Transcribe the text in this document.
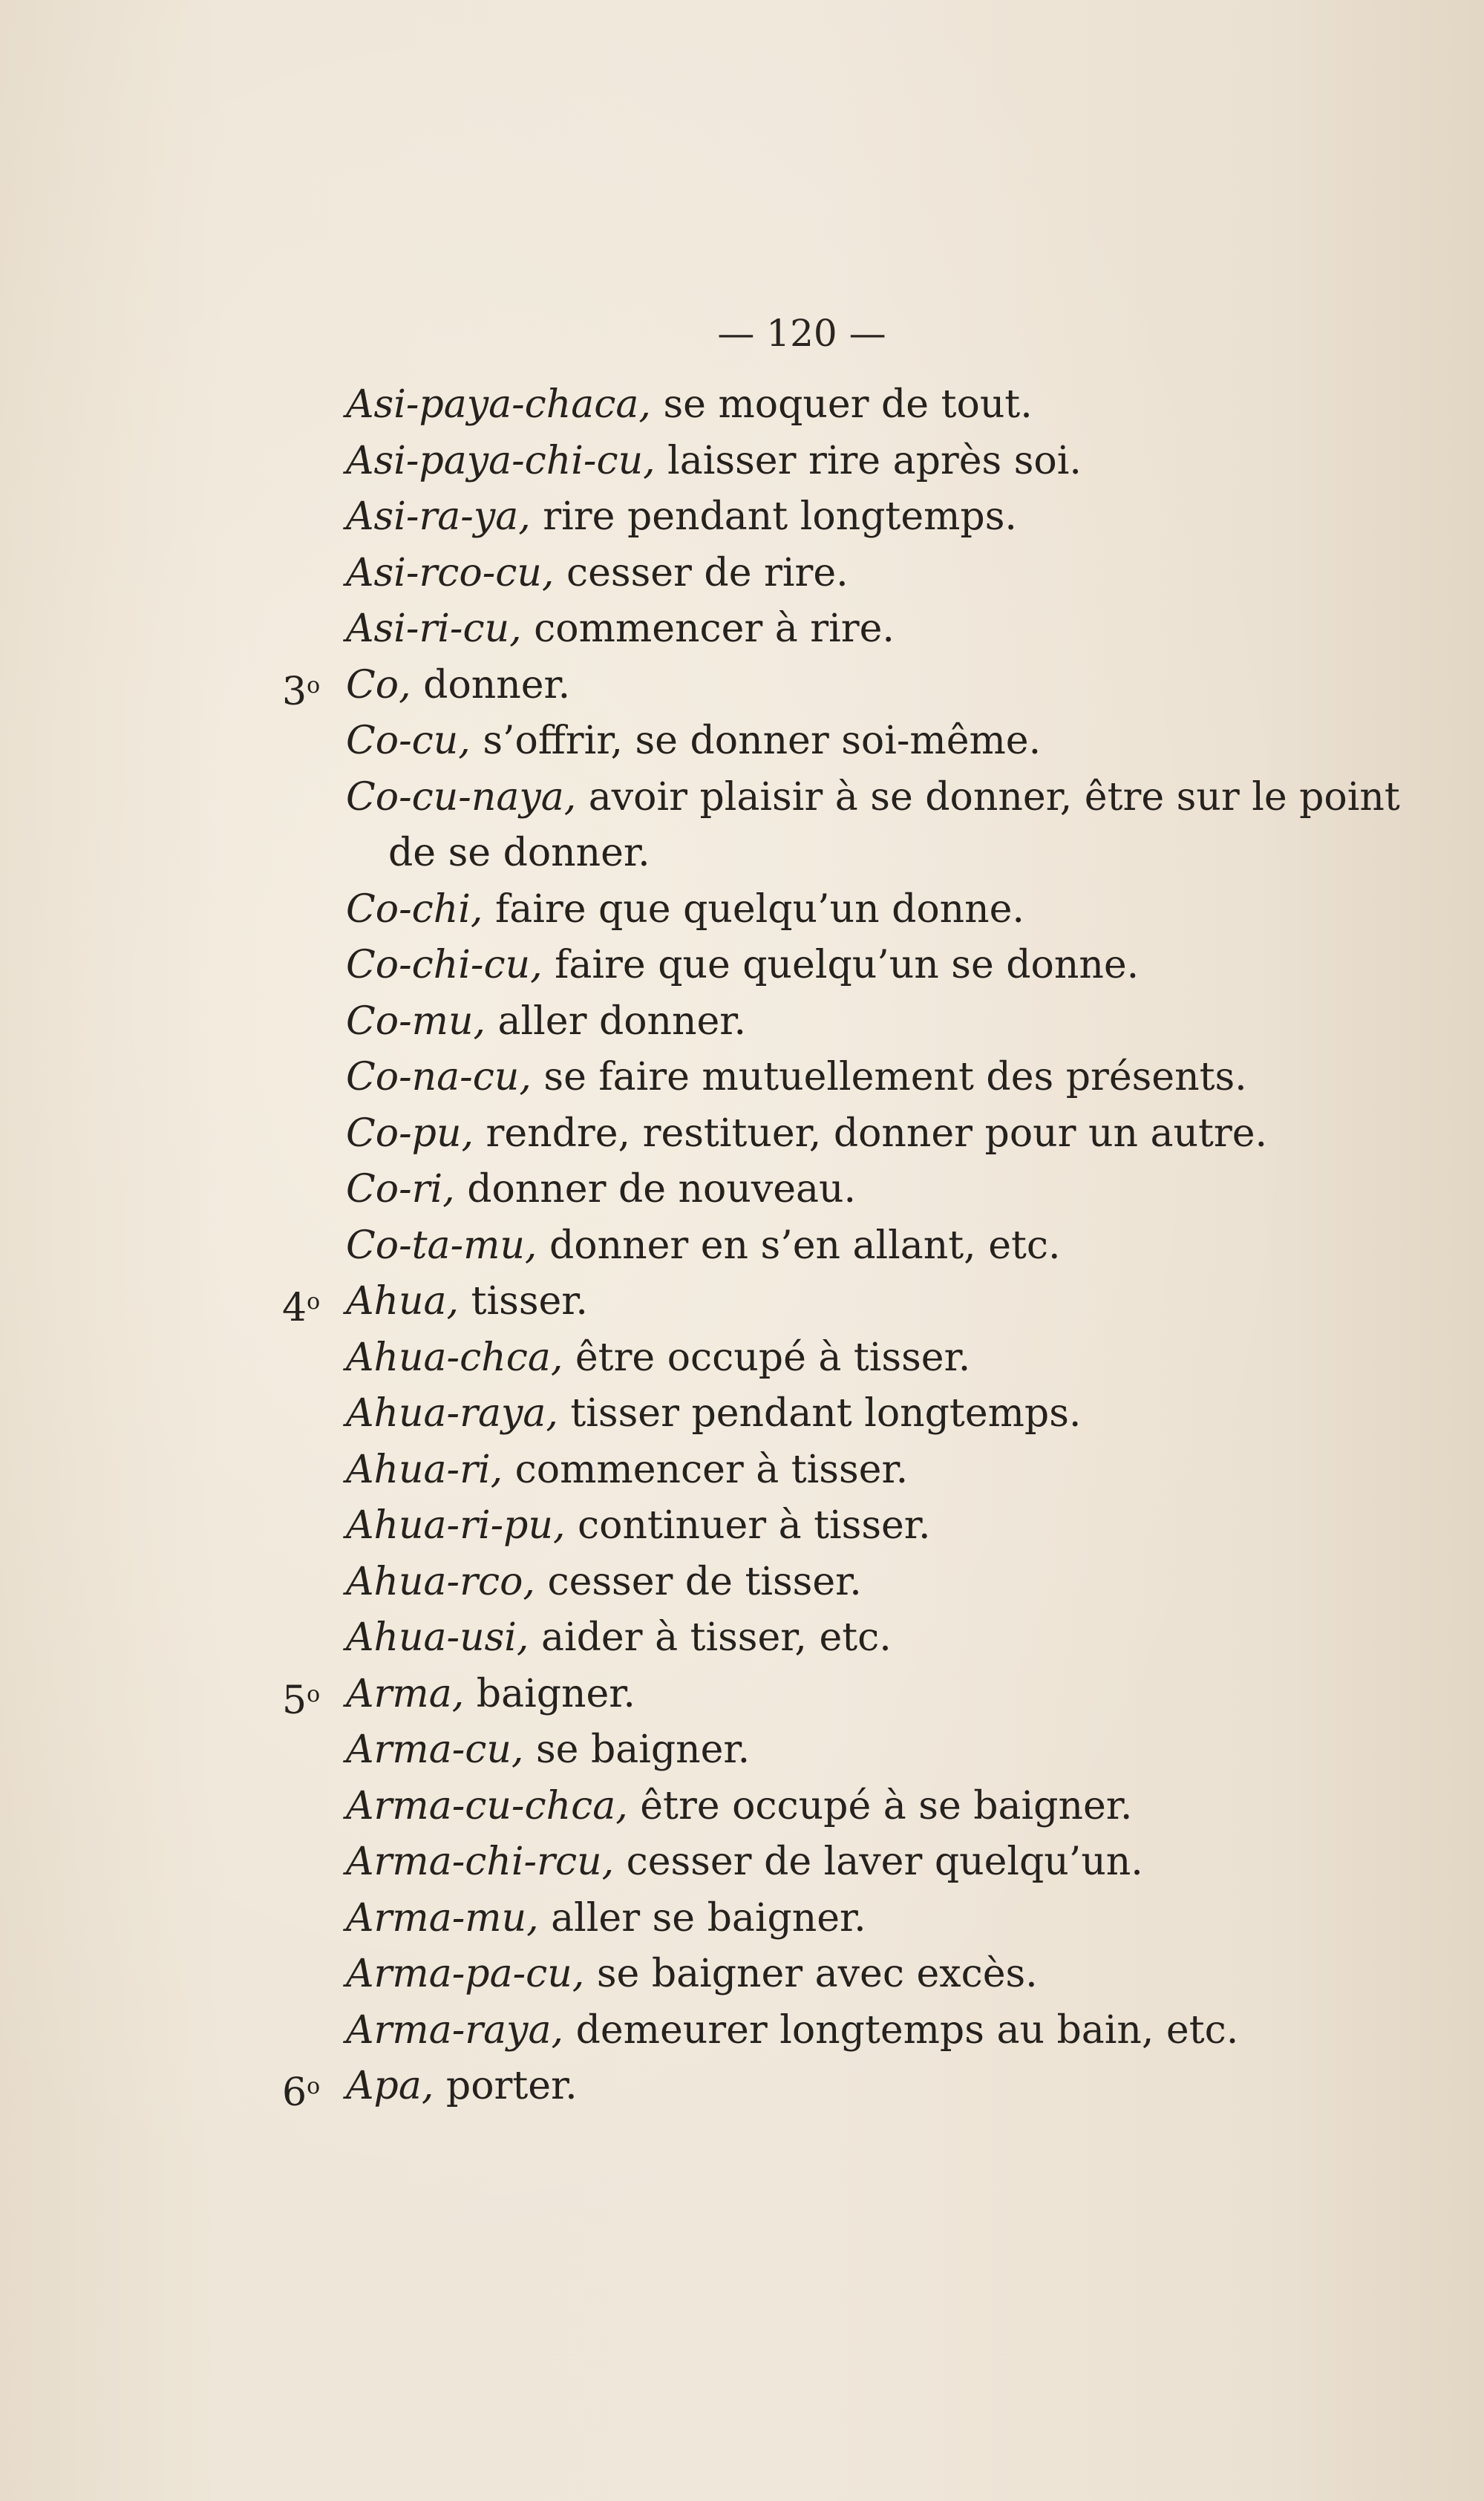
— 120 —
Asi-paya-chaca, se moquer de tout.
Asi-paya-chi-cu, laisser rire après soi.
Asi-ra-ya, rire pendant longtemps.
Asi-rco-cu, cesser de rire.
Asi-ri-cu, commencer à rire.
3$^o$ Co, donner.
Co-cu, s’offrir, se donner soi-même.
Co-cu-naya, avoir plaisir à se donner, être sur le point
de se donner.
Co-chi, faire que quelqu’un donne.
Co-chi-cu, faire que quelqu’un se donne.
Co-mu, aller donner.
Co-na-cu, se faire mutuellement des présents.
Co-pu, rendre, restituer, donner pour un autre.
Co-ri, donner de nouveau.
Co-ta-mu, donner en s’en allant, etc.
4$^o$ Ahua, tisser.
Ahua-chca, être occupé à tisser.
Ahua-raya, tisser pendant longtemps.
Ahua-ri, commencer à tisser.
Ahua-ri-pu, continuer à tisser.
Ahua-rco, cesser de tisser.
Ahua-usi, aider à tisser, etc.
5$^o$ Arma, baigner.
Arma-cu, se baigner.
Arma-cu-chca, être occupé à se baigner.
Arma-chi-rcu, cesser de laver quelqu’un.
Arma-mu, aller se baigner.
Arma-pa-cu, se baigner avec excès.
Arma-raya, demeurer longtemps au bain, etc.
6$^o$ Apa, porter.
